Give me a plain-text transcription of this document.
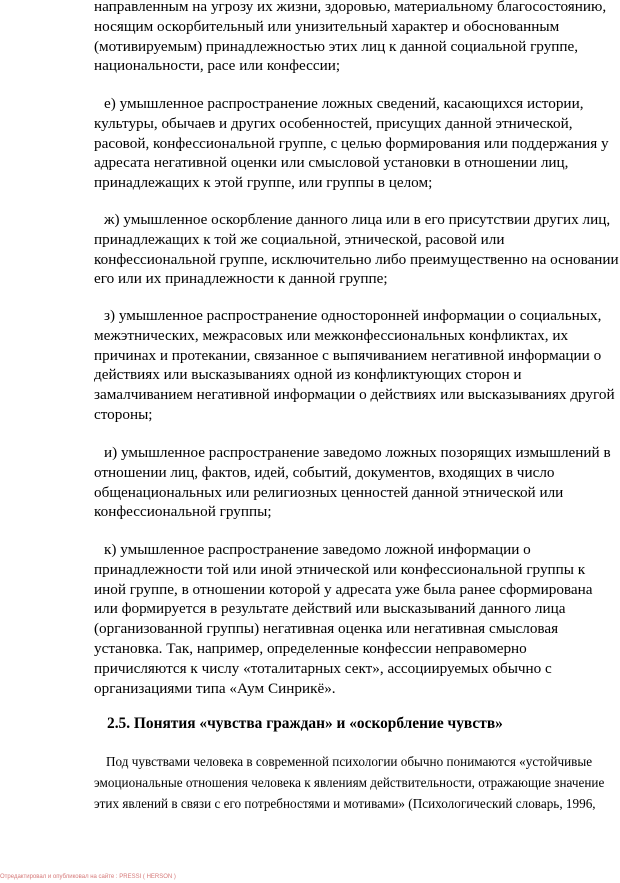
направленным на угрозу их жизни, здоровью, материальному благосостоянию,
носящим оскорбительный или унизительный характер и обоснованным
(мотивируемым) принадлежностью этих лиц к данной социальной группе,
национальности, расе или конфессии;
е) умышленное распространение ложных сведений, касающихся истории,
культуры, обычаев и других особенностей, присущих данной этнической,
расовой, конфессиональной группе, с целью формирования или поддержания у
адресата негативной оценки или смысловой установки в отношении лиц,
принадлежащих к этой группе, или группы в целом;
ж) умышленное оскорбление данного лица или в его присутствии других лиц,
принадлежащих к той же социальной, этнической, расовой или
конфессиональной группе, исключительно либо преимущественно на основании
его или их принадлежности к данной группе;
з) умышленное распространение односторонней информации о социальных,
межэтнических, межрасовых или межконфессиональных конфликтах, их
причинах и протекании, связанное с выпячиванием негативной информации о
действиях или высказываниях одной из конфликтующих сторон и
замалчиванием негативной информации о действиях или высказываниях другой
стороны;
и) умышленное распространение заведомо ложных позорящих измышлений в
отношении лиц, фактов, идей, событий, документов, входящих в число
общенациональных или религиозных ценностей данной этнической или
конфессиональной группы;
к) умышленное распространение заведомо ложной информации о
принадлежности той или иной этнической или конфессиональной группы к
иной группе, в отношении которой у адресата уже была ранее сформирована
или формируется в результате действий или высказываний данного лица
(организованной группы) негативная оценка или негативная смысловая
установка. Так, например, определенные конфессии неправомерно
причисляются к числу «тоталитарных сект», ассоциируемых обычно с
организациями типа «Аум Синрикё».
2.5. Понятия «чувства граждан» и «оскорбление чувств»
Под чувствами человека в современной психологии обычно понимаются «устойчивые
эмоциональные отношения человека к явлениям действительности, отражающие значение
этих явлений в связи с его потребностями и мотивами» (Психологический словарь, 1996,
Отредактировал и опубликовал на сайте : PRESSI ( HERSON )
